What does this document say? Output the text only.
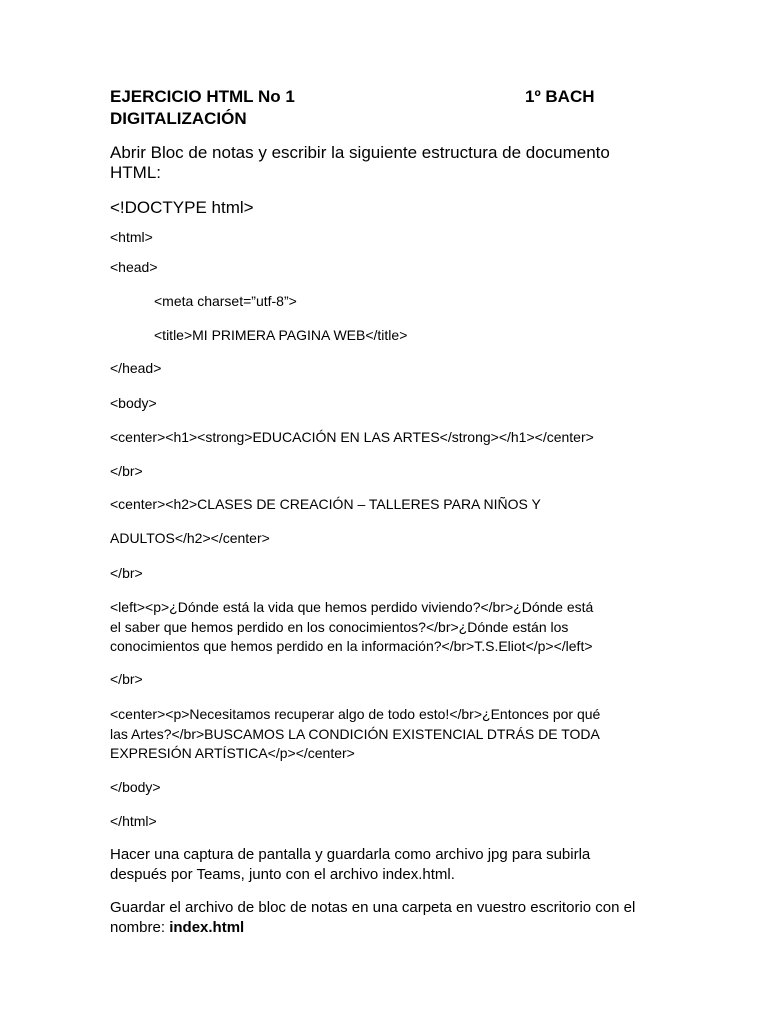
EJERCICIO HTML No 1	1º BACH
DIGITALIZACIÓN
Abrir Bloc de notas y escribir la siguiente estructura de documento
HTML:
<!DOCTYPE html>
<html>
<head>
<meta charset=”utf-8”>
<title>MI PRIMERA PAGINA WEB</title>
</head>
<body>
<center><h1><strong>EDUCACIÓN EN LAS ARTES</strong></h1></center>
</br>
<center><h2>CLASES DE CREACIÓN – TALLERES PARA NIÑOS Y
ADULTOS</h2></center>
</br>
<left><p>¿Dónde está la vida que hemos perdido viviendo?</br>¿Dónde está
el saber que hemos perdido en los conocimientos?</br>¿Dónde están los
conocimientos que hemos perdido en la información?</br>T.S.Eliot</p></left>
</br>
<center><p>Necesitamos recuperar algo de todo esto!</br>¿Entonces por qué
las Artes?</br>BUSCAMOS LA CONDICIÓN EXISTENCIAL DTRÁS DE TODA
EXPRESIÓN ARTÍSTICA</p></center>
</body>
</html>
Hacer una captura de pantalla y guardarla como archivo jpg para subirla
después por Teams, junto con el archivo index.html.
Guardar el archivo de bloc de notas en una carpeta en vuestro escritorio con el
nombre: index.html
